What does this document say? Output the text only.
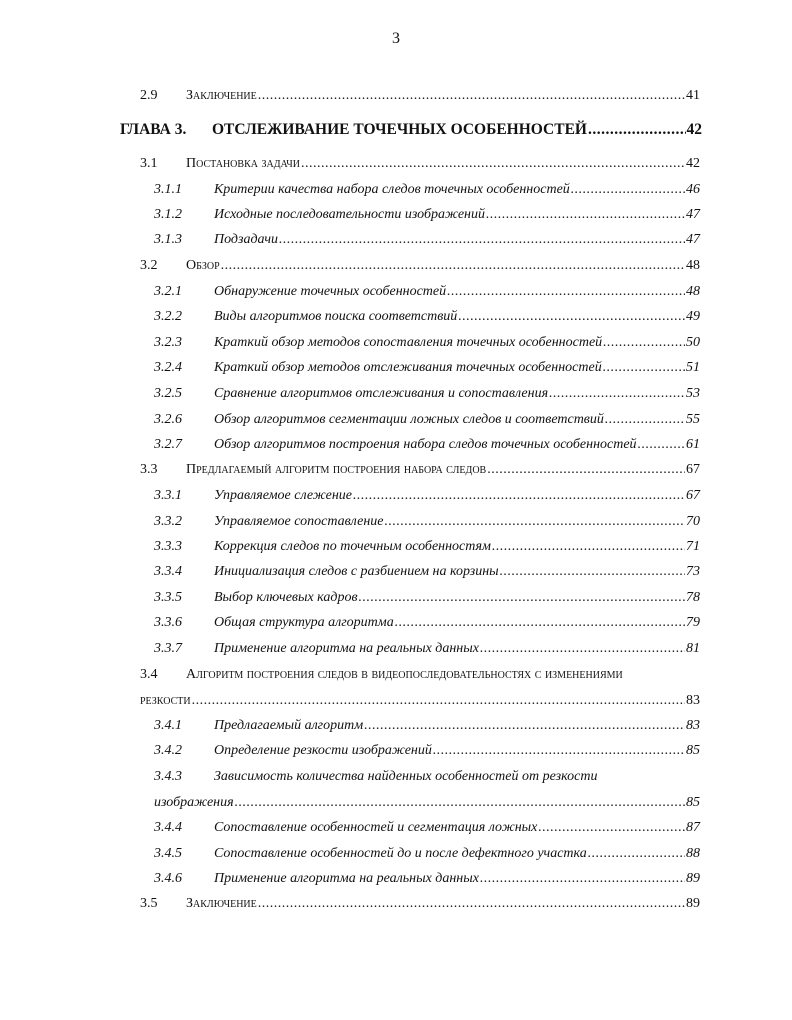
3
2.9	Заключение .....	41
ГЛАВА 3.	ОТСЛЕЖИВАНИЕ ТОЧЕЧНЫХ ОСОБЕННОСТЕЙ .....	42
3.1	Постановка задачи .....	42
3.1.1	Критерии качества набора следов точечных особенностей .....	46
3.1.2	Исходные последовательности изображений .....	47
3.1.3	Подзадачи .....	47
3.2	Обзор .....	48
3.2.1	Обнаружение точечных особенностей .....	48
3.2.2	Виды алгоритмов поиска соответствий .....	49
3.2.3	Краткий обзор методов сопоставления точечных особенностей .....	50
3.2.4	Краткий обзор методов отслеживания точечных особенностей .....	51
3.2.5	Сравнение алгоритмов отслеживания и сопоставления .....	53
3.2.6	Обзор алгоритмов сегментации ложных следов и соответствий .....	55
3.2.7	Обзор алгоритмов построения набора следов точечных особенностей .....	61
3.3	Предлагаемый алгоритм построения набора следов .....	67
3.3.1	Управляемое слежение .....	67
3.3.2	Управляемое сопоставление .....	70
3.3.3	Коррекция следов по точечным особенностям .....	71
3.3.4	Инициализация следов с разбиением на корзины .....	73
3.3.5	Выбор ключевых кадров .....	78
3.3.6	Общая структура алгоритма .....	79
3.3.7	Применение алгоритма на реальных данных .....	81
3.4 Алгоритм построения следов в видеопоследовательностях с изменениями
резкости .....	83
3.4.1	Предлагаемый алгоритм .....	83
3.4.2	Определение резкости изображений .....	85
3.4.3 Зависимость количества найденных особенностей от резкости
изображения .....	85
3.4.4	Сопоставление особенностей и сегментация ложных .....	87
3.4.5	Сопоставление особенностей до и после дефектного участка .....	88
3.4.6	Применение алгоритма на реальных данных .....	89
3.5	Заключение .....	89
